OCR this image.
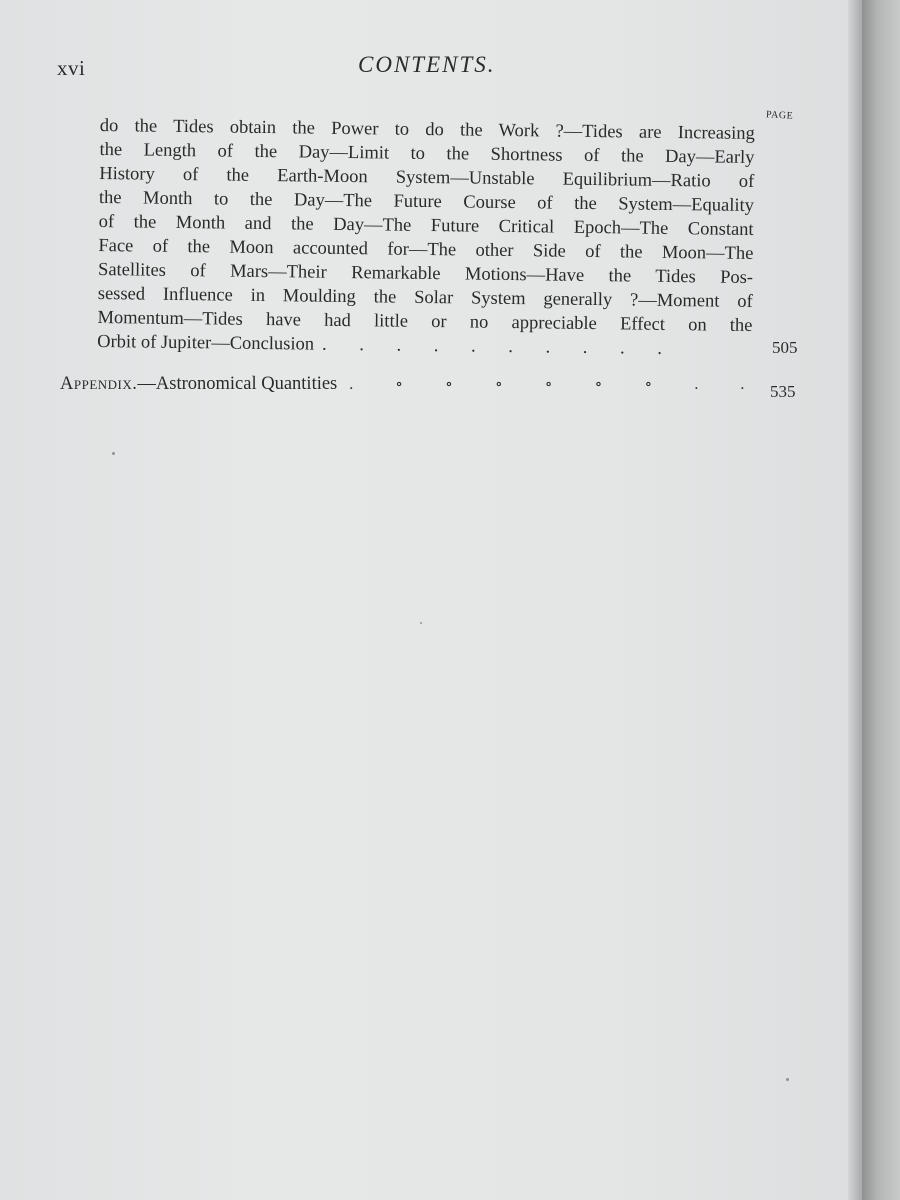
xvi	CONTENTS.
PAGE
do the Tides obtain the Power to do the Work ?—Tides are Increasing
the Length of the Day—Limit to the Shortness of the Day—Early
History of the Earth-Moon System—Unstable Equilibrium—Ratio of
the Month to the Day—The Future Course of the System—Equality
of the Month and the Day—The Future Critical Epoch—The Constant
Face of the Moon accounted for—The other Side of the Moon—The
Satellites of Mars—Their Remarkable Motions—Have the Tides Pos-
sessed Influence in Moulding the Solar System generally ?—Moment of
Momentum—Tides have had little or no appreciable Effect on the
Orbit of Jupiter—Conclusion . . . . . . . . . .	505
Appendix.—Astronomical Quantities . ∘ ∘ ∘ ∘ ∘ ∘ . . 535
